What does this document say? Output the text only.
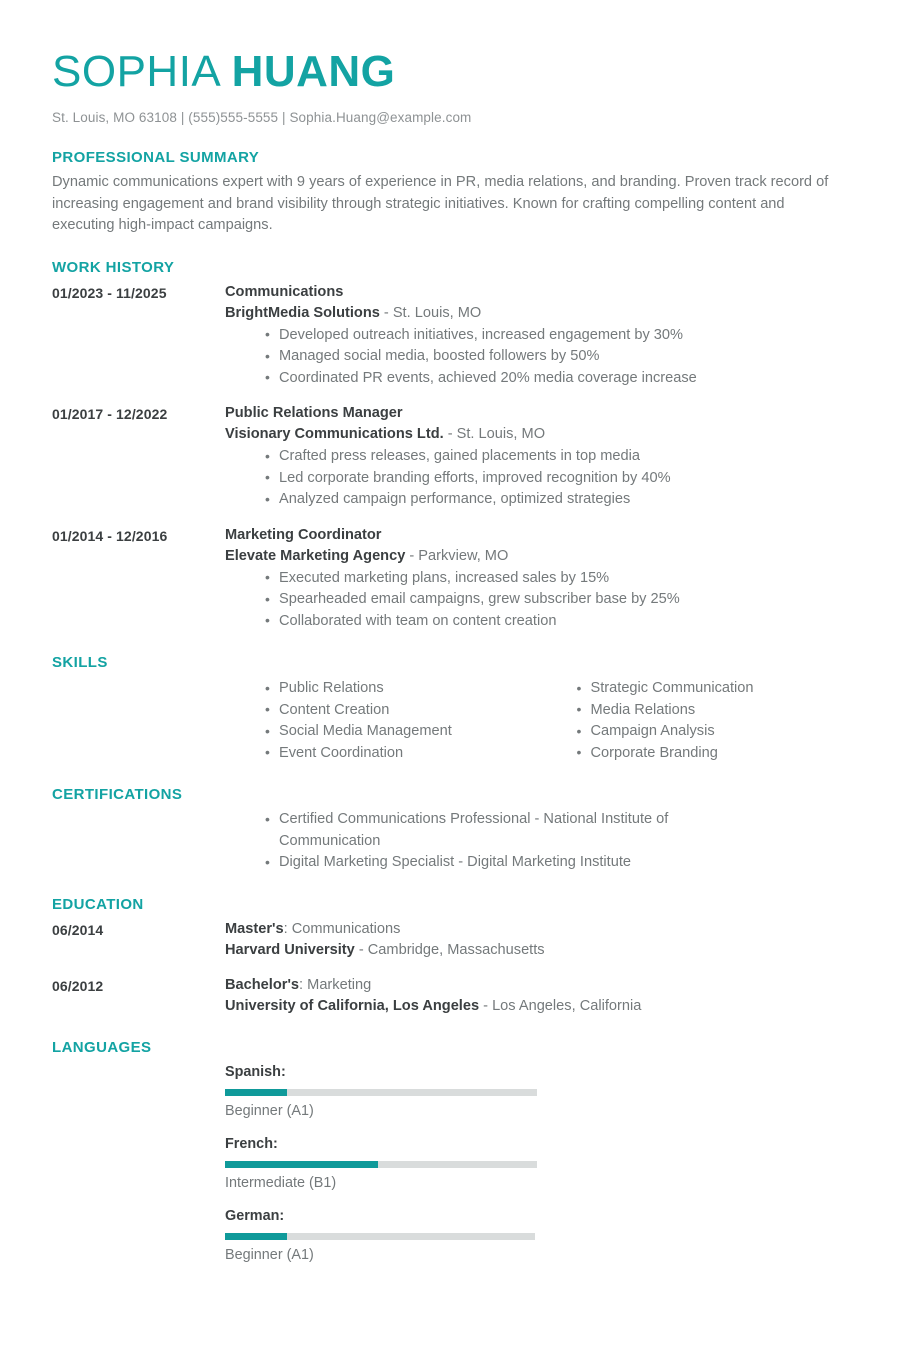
SOPHIA HUANG
St. Louis, MO 63108 | (555)555-5555 | Sophia.Huang@example.com
PROFESSIONAL SUMMARY
Dynamic communications expert with 9 years of experience in PR, media relations, and branding. Proven track record of increasing engagement and brand visibility through strategic initiatives. Known for crafting compelling content and executing high-impact campaigns.
WORK HISTORY
01/2023 - 11/2025	Communications
BrightMedia Solutions - St. Louis, MO
• Developed outreach initiatives, increased engagement by 30%
• Managed social media, boosted followers by 50%
• Coordinated PR events, achieved 20% media coverage increase
01/2017 - 12/2022	Public Relations Manager
Visionary Communications Ltd. - St. Louis, MO
• Crafted press releases, gained placements in top media
• Led corporate branding efforts, improved recognition by 40%
• Analyzed campaign performance, optimized strategies
01/2014 - 12/2016	Marketing Coordinator
Elevate Marketing Agency - Parkview, MO
• Executed marketing plans, increased sales by 15%
• Spearheaded email campaigns, grew subscriber base by 25%
• Collaborated with team on content creation
SKILLS
• Public Relations
• Content Creation
• Social Media Management
• Event Coordination
• Strategic Communication
• Media Relations
• Campaign Analysis
• Corporate Branding
CERTIFICATIONS
• Certified Communications Professional - National Institute of Communication
• Digital Marketing Specialist - Digital Marketing Institute
EDUCATION
06/2014	Master's: Communications
Harvard University - Cambridge, Massachusetts
06/2012	Bachelor's: Marketing
University of California, Los Angeles - Los Angeles, California
LANGUAGES
Spanish:
Beginner (A1)
French:
Intermediate (B1)
German:
Beginner (A1)
